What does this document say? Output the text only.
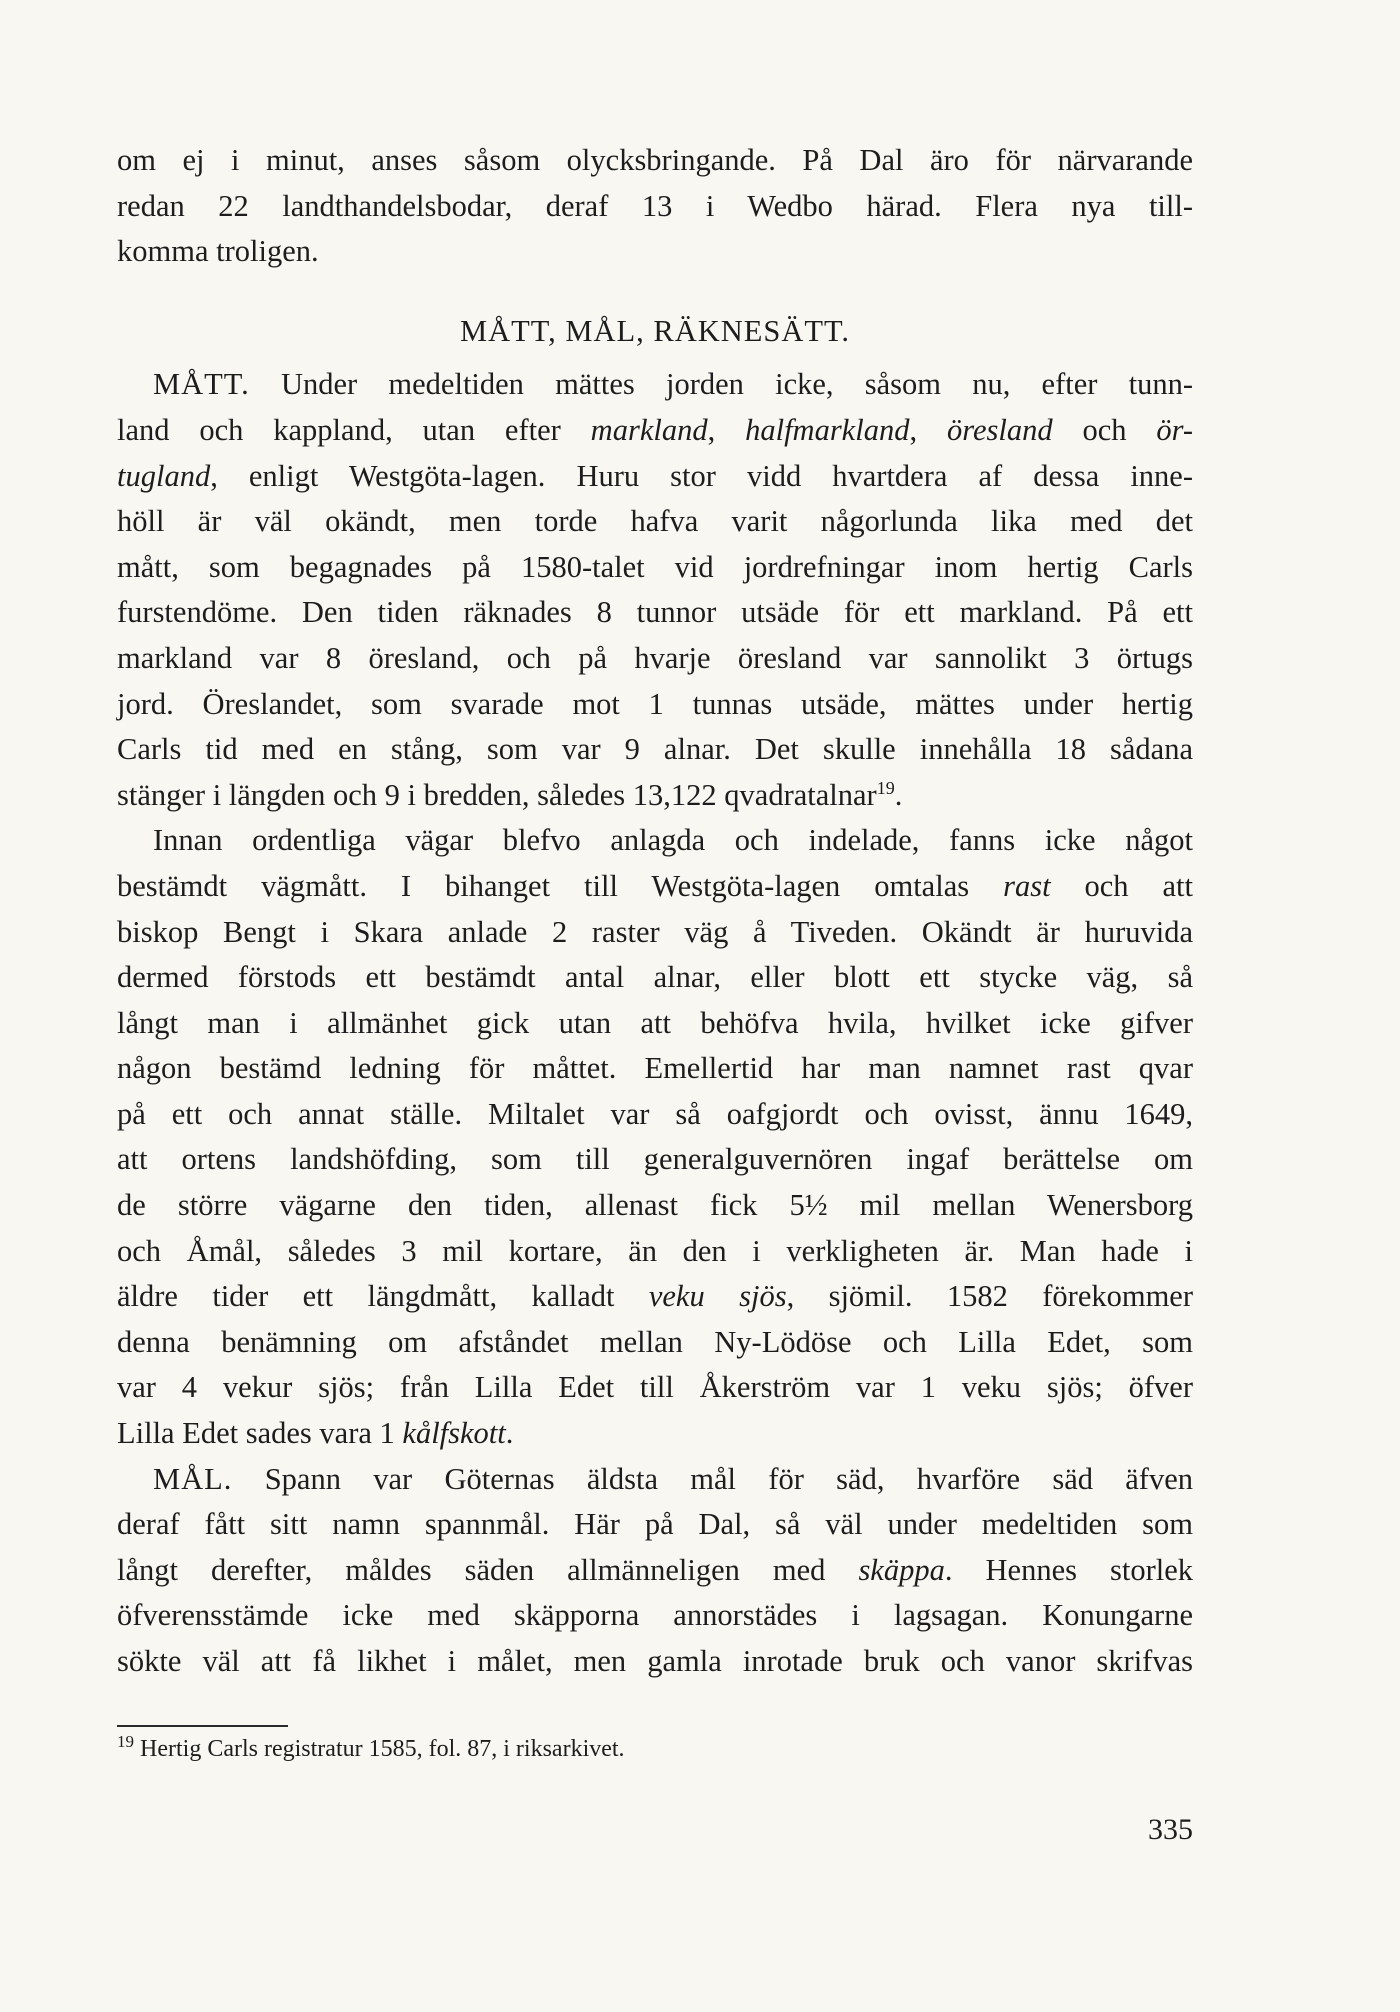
om ej i minut, anses såsom olycksbringande. På Dal äro för närvarande
redan 22 landthandelsbodar, deraf 13 i Wedbo härad. Flera nya till-
komma troligen.
MÅTT, MÅL, RÄKNESÄTT.
MÅTT. Under medeltiden mättes jorden icke, såsom nu, efter tunn-
land och kappland, utan efter markland, halfmarkland, öresland och ör-
tugland, enligt Westgöta-lagen. Huru stor vidd hvartdera af dessa inne-
höll är väl okändt, men torde hafva varit någorlunda lika med det
mått, som begagnades på 1580-talet vid jordrefningar inom hertig Carls
furstendöme. Den tiden räknades 8 tunnor utsäde för ett markland. På ett
markland var 8 öresland, och på hvarje öresland var sannolikt 3 örtugs
jord. Öreslandet, som svarade mot 1 tunnas utsäde, mättes under hertig
Carls tid med en stång, som var 9 alnar. Det skulle innehålla 18 sådana
stänger i längden och 9 i bredden, således 13,122 qvadratalnar$^{19}$.
Innan ordentliga vägar blefvo anlagda och indelade, fanns icke något
bestämdt vägmått. I bihanget till Westgöta-lagen omtalas rast och att
biskop Bengt i Skara anlade 2 raster väg å Tiveden. Okändt är huruvida
dermed förstods ett bestämdt antal alnar, eller blott ett stycke väg, så
långt man i allmänhet gick utan att behöfva hvila, hvilket icke gifver
någon bestämd ledning för måttet. Emellertid har man namnet rast qvar
på ett och annat ställe. Miltalet var så oafgjordt och ovisst, ännu 1649,
att ortens landshöfding, som till generalguvernören ingaf berättelse om
de större vägarne den tiden, allenast fick 5½ mil mellan Wenersborg
och Åmål, således 3 mil kortare, än den i verkligheten är. Man hade i
äldre tider ett längdmått, kalladt veku sjös, sjömil. 1582 förekommer
denna benämning om afståndet mellan Ny-Lödöse och Lilla Edet, som
var 4 vekur sjös; från Lilla Edet till Åkerström var 1 veku sjös; öfver
Lilla Edet sades vara 1 kålfskott.
MÅL. Spann var Göternas äldsta mål för säd, hvarföre säd äfven
deraf fått sitt namn spannmål. Här på Dal, så väl under medeltiden som
långt derefter, måldes säden allmänneligen med skäppa. Hennes storlek
öfverensstämde icke med skäpporna annorstädes i lagsagan. Konungarne
sökte väl att få likhet i målet, men gamla inrotade bruk och vanor skrifvas
$^{19}$ Hertig Carls registratur 1585, fol. 87, i riksarkivet.
335
